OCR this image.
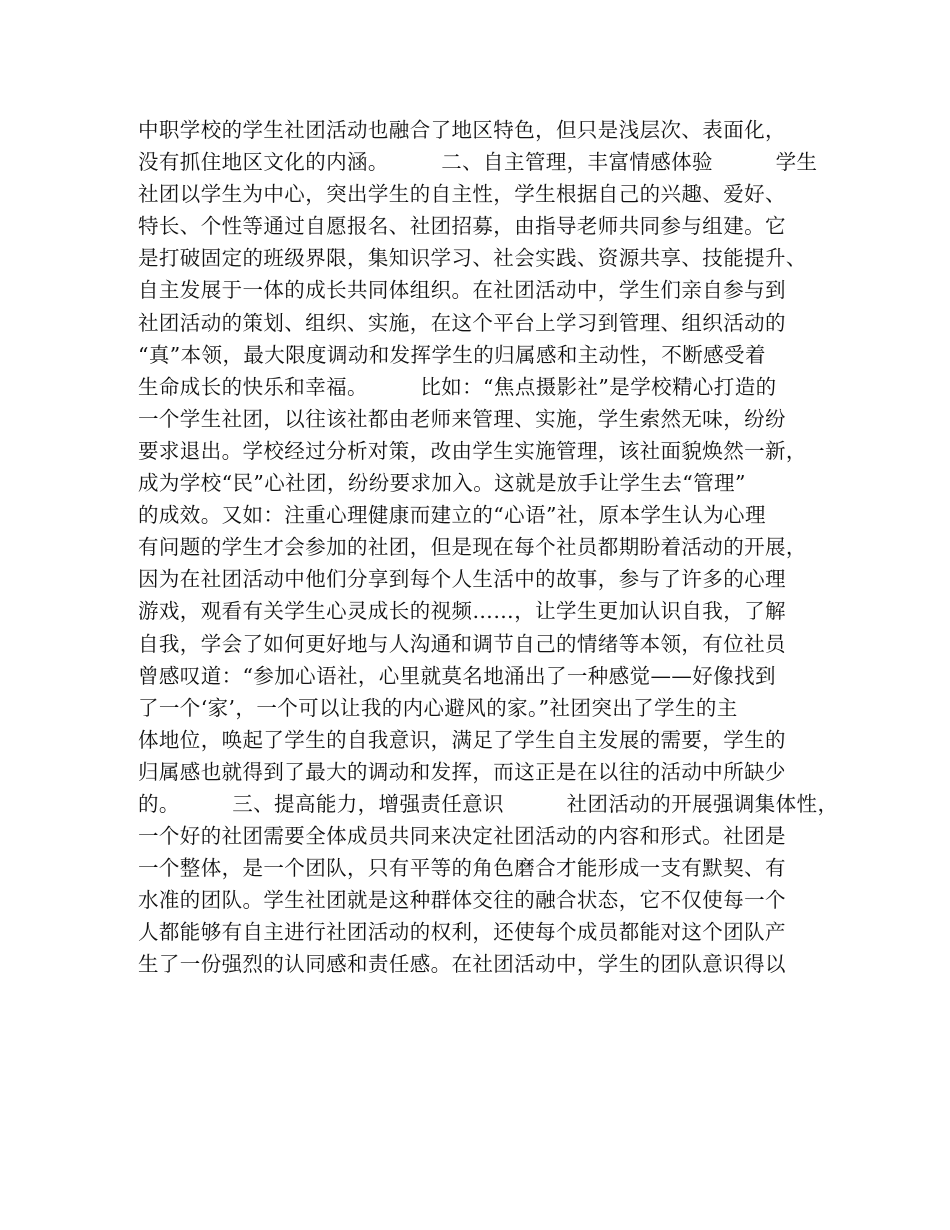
中职学校的学生社团活动也融合了地区特色，但只是浅层次、表面化，
没有抓住地区文化的内涵。　　　二、自主管理，丰富情感体验　　　学生
社团以学生为中心，突出学生的自主性，学生根据自己的兴趣、爱好、
特长、个性等通过自愿报名、社团招募，由指导老师共同参与组建。它
是打破固定的班级界限，集知识学习、社会实践、资源共享、技能提升、
自主发展于一体的成长共同体组织。在社团活动中，学生们亲自参与到
社团活动的策划、组织、实施，在这个平台上学习到管理、组织活动的
“真”本领，最大限度调动和发挥学生的归属感和主动性，不断感受着
生命成长的快乐和幸福。　　　比如：“焦点摄影社”是学校精心打造的
一个学生社团，以往该社都由老师来管理、实施，学生索然无味，纷纷
要求退出。学校经过分析对策，改由学生实施管理，该社面貌焕然一新，
成为学校“民”心社团，纷纷要求加入。这就是放手让学生去“管理”
的成效。又如：注重心理健康而建立的“心语”社，原本学生认为心理
有问题的学生才会参加的社团，但是现在每个社员都期盼着活动的开展，
因为在社团活动中他们分享到每个人生活中的故事，参与了许多的心理
游戏，观看有关学生心灵成长的视频……，让学生更加认识自我，了解
自我，学会了如何更好地与人沟通和调节自己的情绪等本领，有位社员
曾感叹道：“参加心语社，心里就莫名地涌出了一种感觉——好像找到
了一个‘家’，一个可以让我的内心避风的家。”社团突出了学生的主
体地位，唤起了学生的自我意识，满足了学生自主发展的需要，学生的
归属感也就得到了最大的调动和发挥，而这正是在以往的活动中所缺少
的。　　　三、提高能力，增强责任意识　　　社团活动的开展强调集体性，
一个好的社团需要全体成员共同来决定社团活动的内容和形式。社团是
一个整体，是一个团队，只有平等的角色磨合才能形成一支有默契、有
水准的团队。学生社团就是这种群体交往的融合状态，它不仅使每一个
人都能够有自主进行社团活动的权利，还使每个成员都能对这个团队产
生了一份强烈的认同感和责任感。在社团活动中，学生的团队意识得以
